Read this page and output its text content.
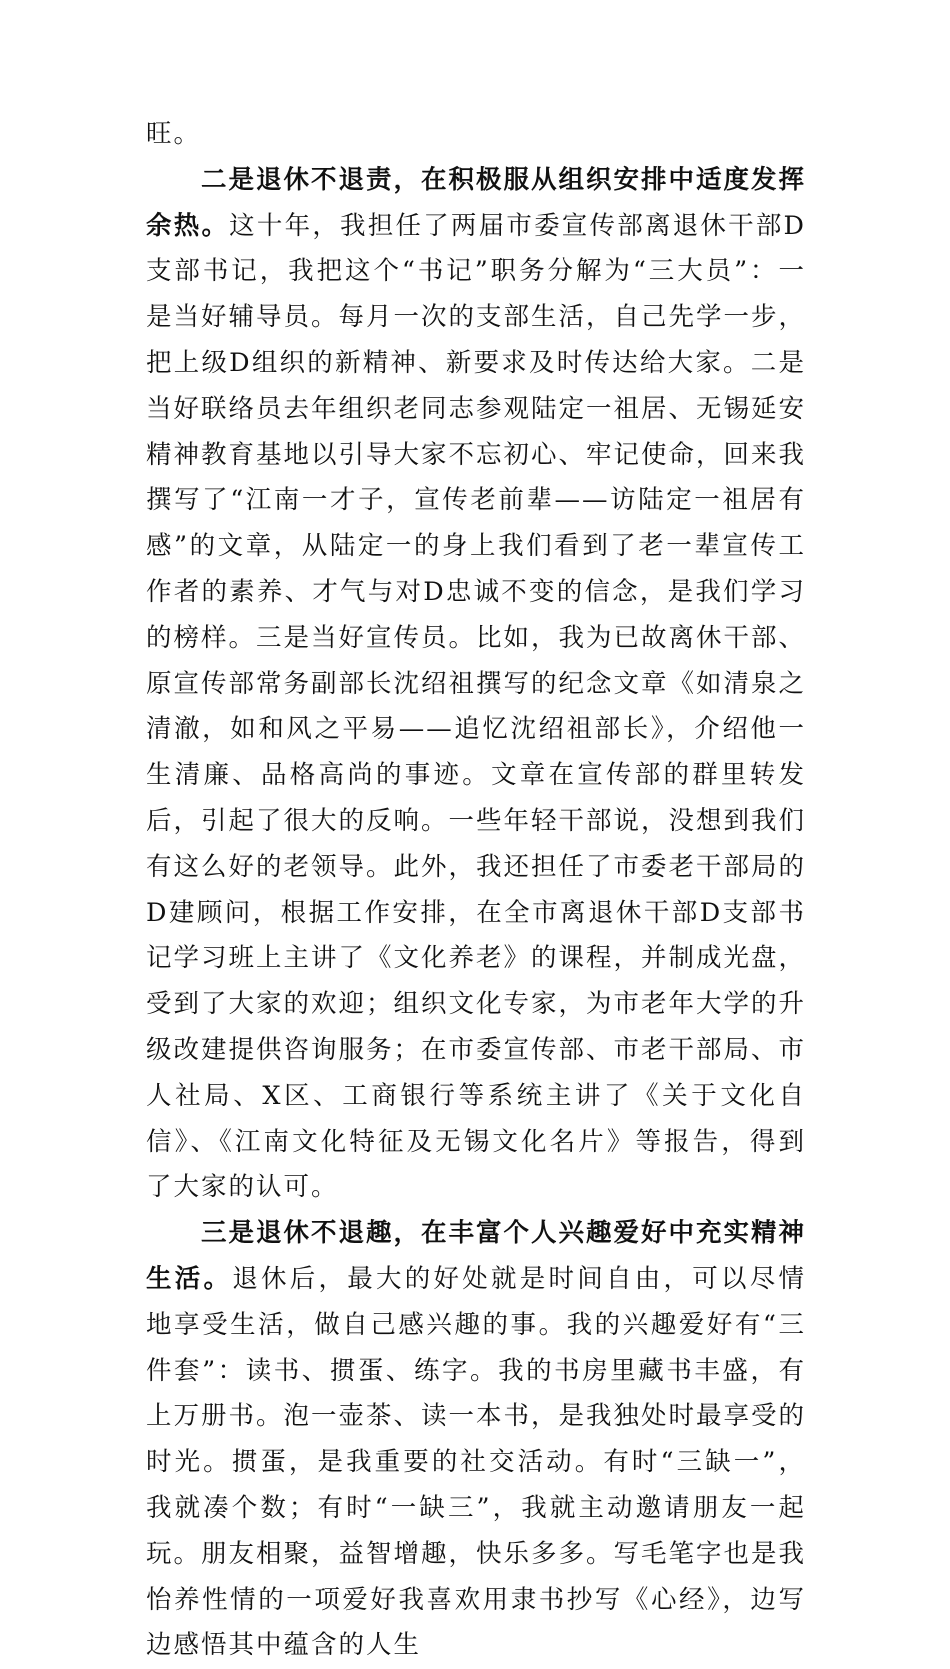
旺。

二是退休不退责，在积极服从组织安排中适度发挥余热。这十年，我担任了两届市委宣传部离退休干部D支部书记，我把这个“书记”职务分解为“三大员”：一是当好辅导员。每月一次的支部生活，自己先学一步，把上级D组织的新精神、新要求及时传达给大家。二是当好联络员去年组织老同志参观陆定一祖居、无锡延安精神教育基地以引导大家不忘初心、牢记使命，回来我撰写了“江南一才子，宣传老前辈——访陆定一祖居有感”的文章，从陆定一的身上我们看到了老一辈宣传工作者的素养、才气与对D忠诚不变的信念，是我们学习的榜样。三是当好宣传员。比如，我为已故离休干部、原宣传部常务副部长沈绍祖撰写的纪念文章《如清泉之清澈，如和风之平易——追忆沈绍祖部长》，介绍他一生清廉、品格高尚的事迹。文章在宣传部的群里转发后，引起了很大的反响。一些年轻干部说，没想到我们有这么好的老领导。此外，我还担任了市委老干部局的D建顾问，根据工作安排，在全市离退休干部D支部书记学习班上主讲了《文化养老》的课程，并制成光盘，受到了大家的欢迎；组织文化专家，为市老年大学的升级改建提供咨询服务；在市委宣传部、市老干部局、市人社局、X区、工商银行等系统主讲了《关于文化自信》、《江南文化特征及无锡文化名片》等报告，得到了大家的认可。

三是退休不退趣，在丰富个人兴趣爱好中充实精神生活。退休后，最大的好处就是时间自由，可以尽情地享受生活，做自己感兴趣的事。我的兴趣爱好有“三件套”：读书、掼蛋、练字。我的书房里藏书丰盛，有上万册书。泡一壶茶、读一本书，是我独处时最享受的时光。掼蛋，是我重要的社交活动。有时“三缺一”，我就凑个数；有时“一缺三”，我就主动邀请朋友一起玩。朋友相聚，益智增趣，快乐多多。写毛笔字也是我怡养性情的一项爱好我喜欢用隶书抄写《心经》，边写边感悟其中蕴含的人生
